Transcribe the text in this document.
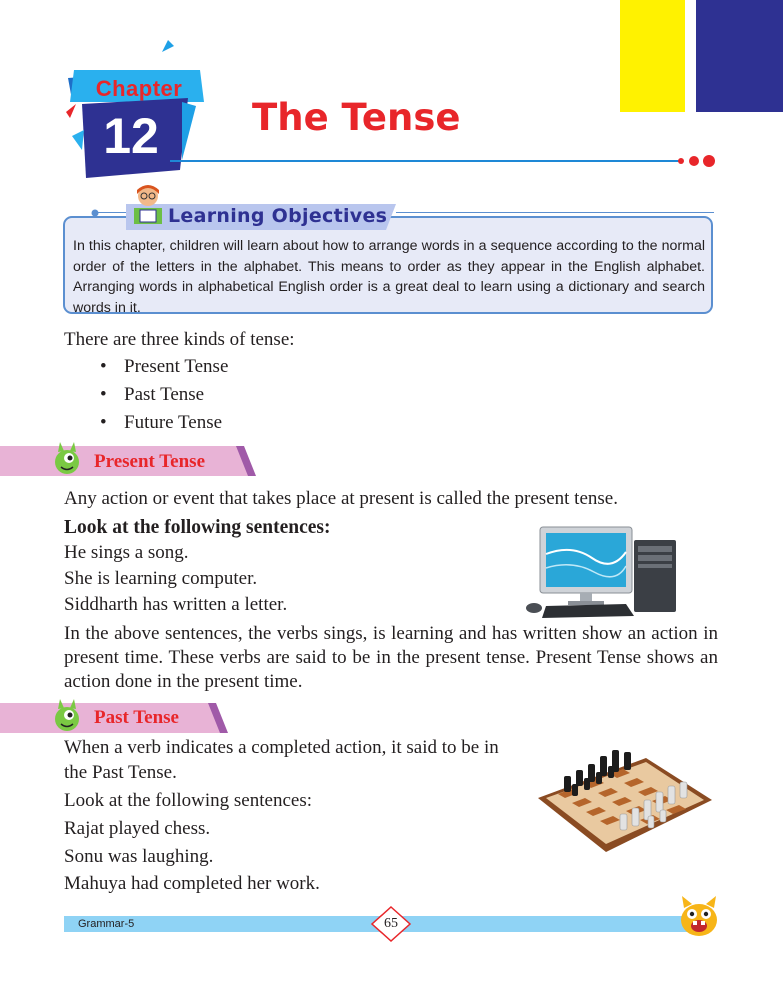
Chapter
12	The Tense
Learning Objectives
In this chapter, children will learn about how to arrange words in a sequence according to the normal order of the letters in the alphabet. This means to order as they appear in the English alphabet. Arranging words in alphabetical English order is a great deal to learn using a dictionary and search words in it.
There are three kinds of tense:
• Present Tense
• Past Tense
• Future Tense
Present Tense
Any action or event that takes place at present is called the present tense.
Look at the following sentences:
He sings a song.
She is learning computer.
Siddharth has written a letter.
In the above sentences, the verbs sings, is learning and has written show an action in present time. These verbs are said to be in the present tense. Present Tense shows an action done in the present time.
Past Tense
When a verb indicates a completed action, it said to be in
the Past Tense.
Look at the following sentences:
Rajat played chess.
Sonu was laughing.
Mahuya had completed her work.
Grammar-5	65
